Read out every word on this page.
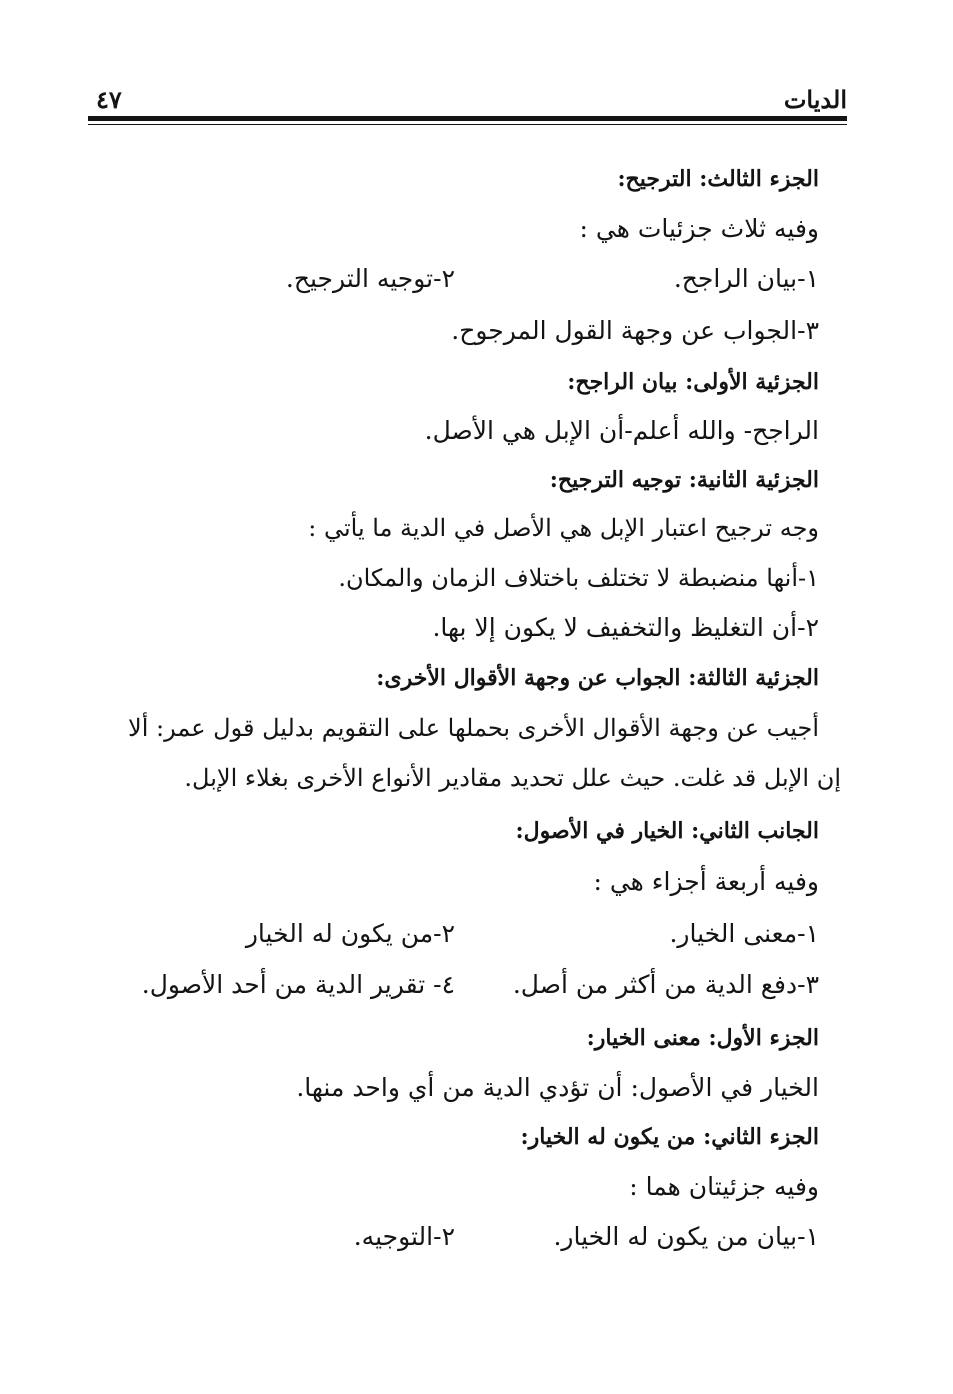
الديات
٤٧
الجزء الثالث: الترجيح:
وفيه ثلاث جزئيات هي :
١-بيان الراجح.
٢-توجيه الترجيح.
٣-الجواب عن وجهة القول المرجوح.
الجزئية الأولى: بيان الراجح:
الراجح- والله أعلم-أن الإبل هي الأصل.
الجزئية الثانية: توجيه الترجيح:
وجه ترجيح اعتبار الإبل هي الأصل في الدية ما يأتي :
١-أنها منضبطة لا تختلف باختلاف الزمان والمكان.
٢-أن التغليظ والتخفيف لا يكون إلا بها.
الجزئية الثالثة: الجواب عن وجهة الأقوال الأخرى:
أجيب عن وجهة الأقوال الأخرى بحملها على التقويم بدليل قول عمر: ألا
إن الإبل قد غلت. حيث علل تحديد مقادير الأنواع الأخرى بغلاء الإبل.
الجانب الثاني: الخيار في الأصول:
وفيه أربعة أجزاء هي :
١-معنى الخيار.
٢-من يكون له الخيار
٣-دفع الدية من أكثر من أصل.
٤- تقرير الدية من أحد الأصول.
الجزء الأول: معنى الخيار:
الخيار في الأصول: أن تؤدي الدية من أي واحد منها.
الجزء الثاني: من يكون له الخيار:
وفيه جزئيتان هما :
١-بيان من يكون له الخيار.
٢-التوجيه.
